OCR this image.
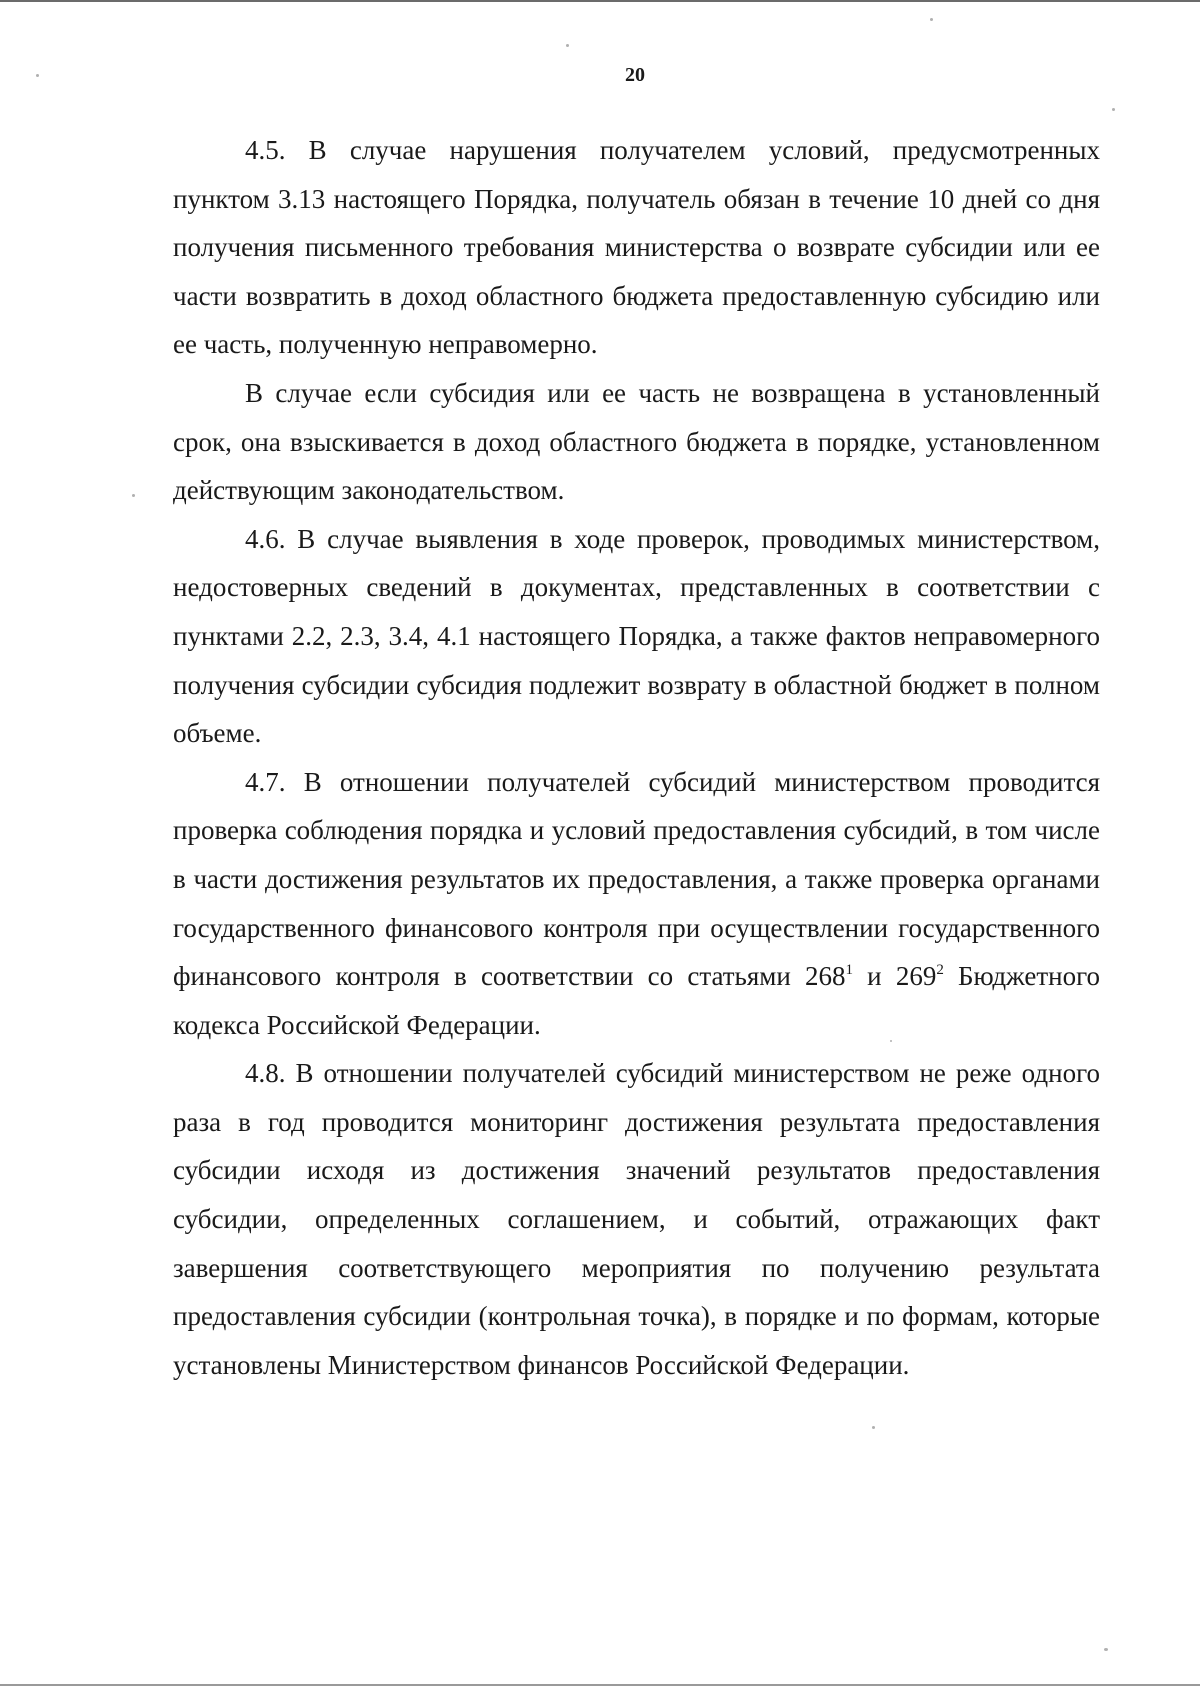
20

4.5. В случае нарушения получателем условий, предусмотренных пунктом 3.13 настоящего Порядка, получатель обязан в течение 10 дней со дня получения письменного требования министерства о возврате субсидии или ее части возвратить в доход областного бюджета предоставленную субсидию или ее часть, полученную неправомерно.

В случае если субсидия или ее часть не возвращена в установленный срок, она взыскивается в доход областного бюджета в порядке, установленном действующим законодательством.

4.6. В случае выявления в ходе проверок, проводимых министерством, недостоверных сведений в документах, представленных в соответствии с пунктами 2.2, 2.3, 3.4, 4.1 настоящего Порядка, а также фактов неправомерного получения субсидии субсидия подлежит возврату в областной бюджет в полном объеме.

4.7. В отношении получателей субсидий министерством проводится проверка соблюдения порядка и условий предоставления субсидий, в том числе в части достижения результатов их предоставления, а также проверка органами государственного финансового контроля при осуществлении государственного финансового контроля в соответствии со статьями $268^1$ и $269^2$ Бюджетного кодекса Российской Федерации.

4.8. В отношении получателей субсидий министерством не реже одного раза в год проводится мониторинг достижения результата предоставления субсидии исходя из достижения значений результатов предоставления субсидии, определенных соглашением, и событий, отражающих факт завершения соответствующего мероприятия по получению результата предоставления субсидии (контрольная точка), в порядке и по формам, которые установлены Министерством финансов Российской Федерации.
